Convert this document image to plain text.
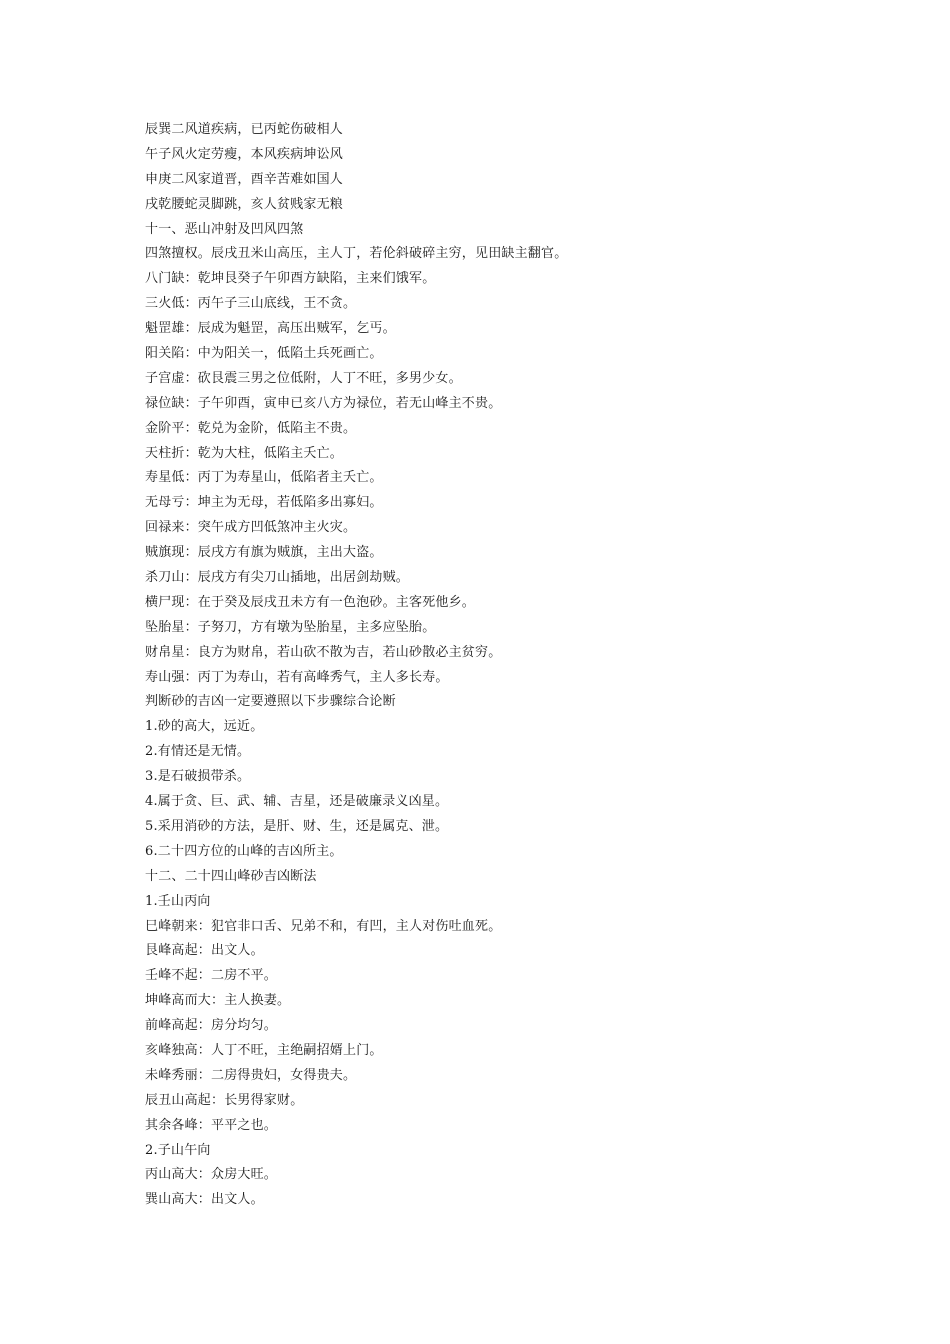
辰巽二风道疾病，已丙蛇伤破相人
午子风火定劳瘦，本风疾病坤讼风
申庚二风家道晋，酉辛苦难如国人
戌乾腰蛇灵脚跳，亥人贫贱家无粮
十一、恶山冲射及凹风四煞
四煞擅权。辰戌丑米山高压，主人丁，若伦斜破碎主穷，见田缺主翻官。
八门缺：乾坤艮癸子午卯酉方缺陷，主来们饿军。
三火低：丙午子三山底线，王不贪。
魁罡雄：辰成为魁罡，高压出贼军，乞丐。
阳关陷：中为阳关一，低陷土兵死画亡。
子宫虚：砍艮震三男之位低附，人丁不旺，多男少女。
禄位缺：子午卯酉，寅申已亥八方为禄位，若无山峰主不贵。
金阶平：乾兑为金阶，低陷主不贵。
天柱折：乾为大柱，低陷主夭亡。
寿星低：丙丁为寿星山，低陷者主夭亡。
无母亏：坤主为无母，若低陷多出寡妇。
回禄来：突午成方凹低煞冲主火灾。
贼旗现：辰戌方有旗为贼旗，主出大盗。
杀刀山：辰戌方有尖刀山插地，出居剑劫贼。
横尸现：在于癸及辰戌丑未方有一色泡砂。主客死他乡。
坠胎星：子努刀，方有墩为坠胎星，主多应坠胎。
财帛星：良方为财帛，若山砍不散为吉，若山砂散必主贫穷。
寿山强：丙丁为寿山，若有高峰秀气，主人多长寿。
判断砂的吉凶一定要遵照以下步骤综合论断
1.砂的高大，远近。
2.有情还是无情。
3.是石破损带杀。
4.属于贪、巨、武、辅、吉星，还是破廉录义凶星。
5.采用消砂的方法，是肝、财、生，还是属克、泄。
6.二十四方位的山峰的吉凶所主。
十二、二十四山峰砂吉凶断法
1.壬山丙向
巳峰朝来：犯官非口舌、兄弟不和，有凹，主人对伤吐血死。
艮峰高起：出文人。
壬峰不起：二房不平。
坤峰高而大：主人换妻。
前峰高起：房分均匀。
亥峰独高：人丁不旺，主绝嗣招婿上门。
未峰秀丽：二房得贵妇，女得贵夫。
辰丑山高起：长男得家财。
其余各峰：平平之也。
2.子山午向
丙山高大：众房大旺。
巽山高大：出文人。
